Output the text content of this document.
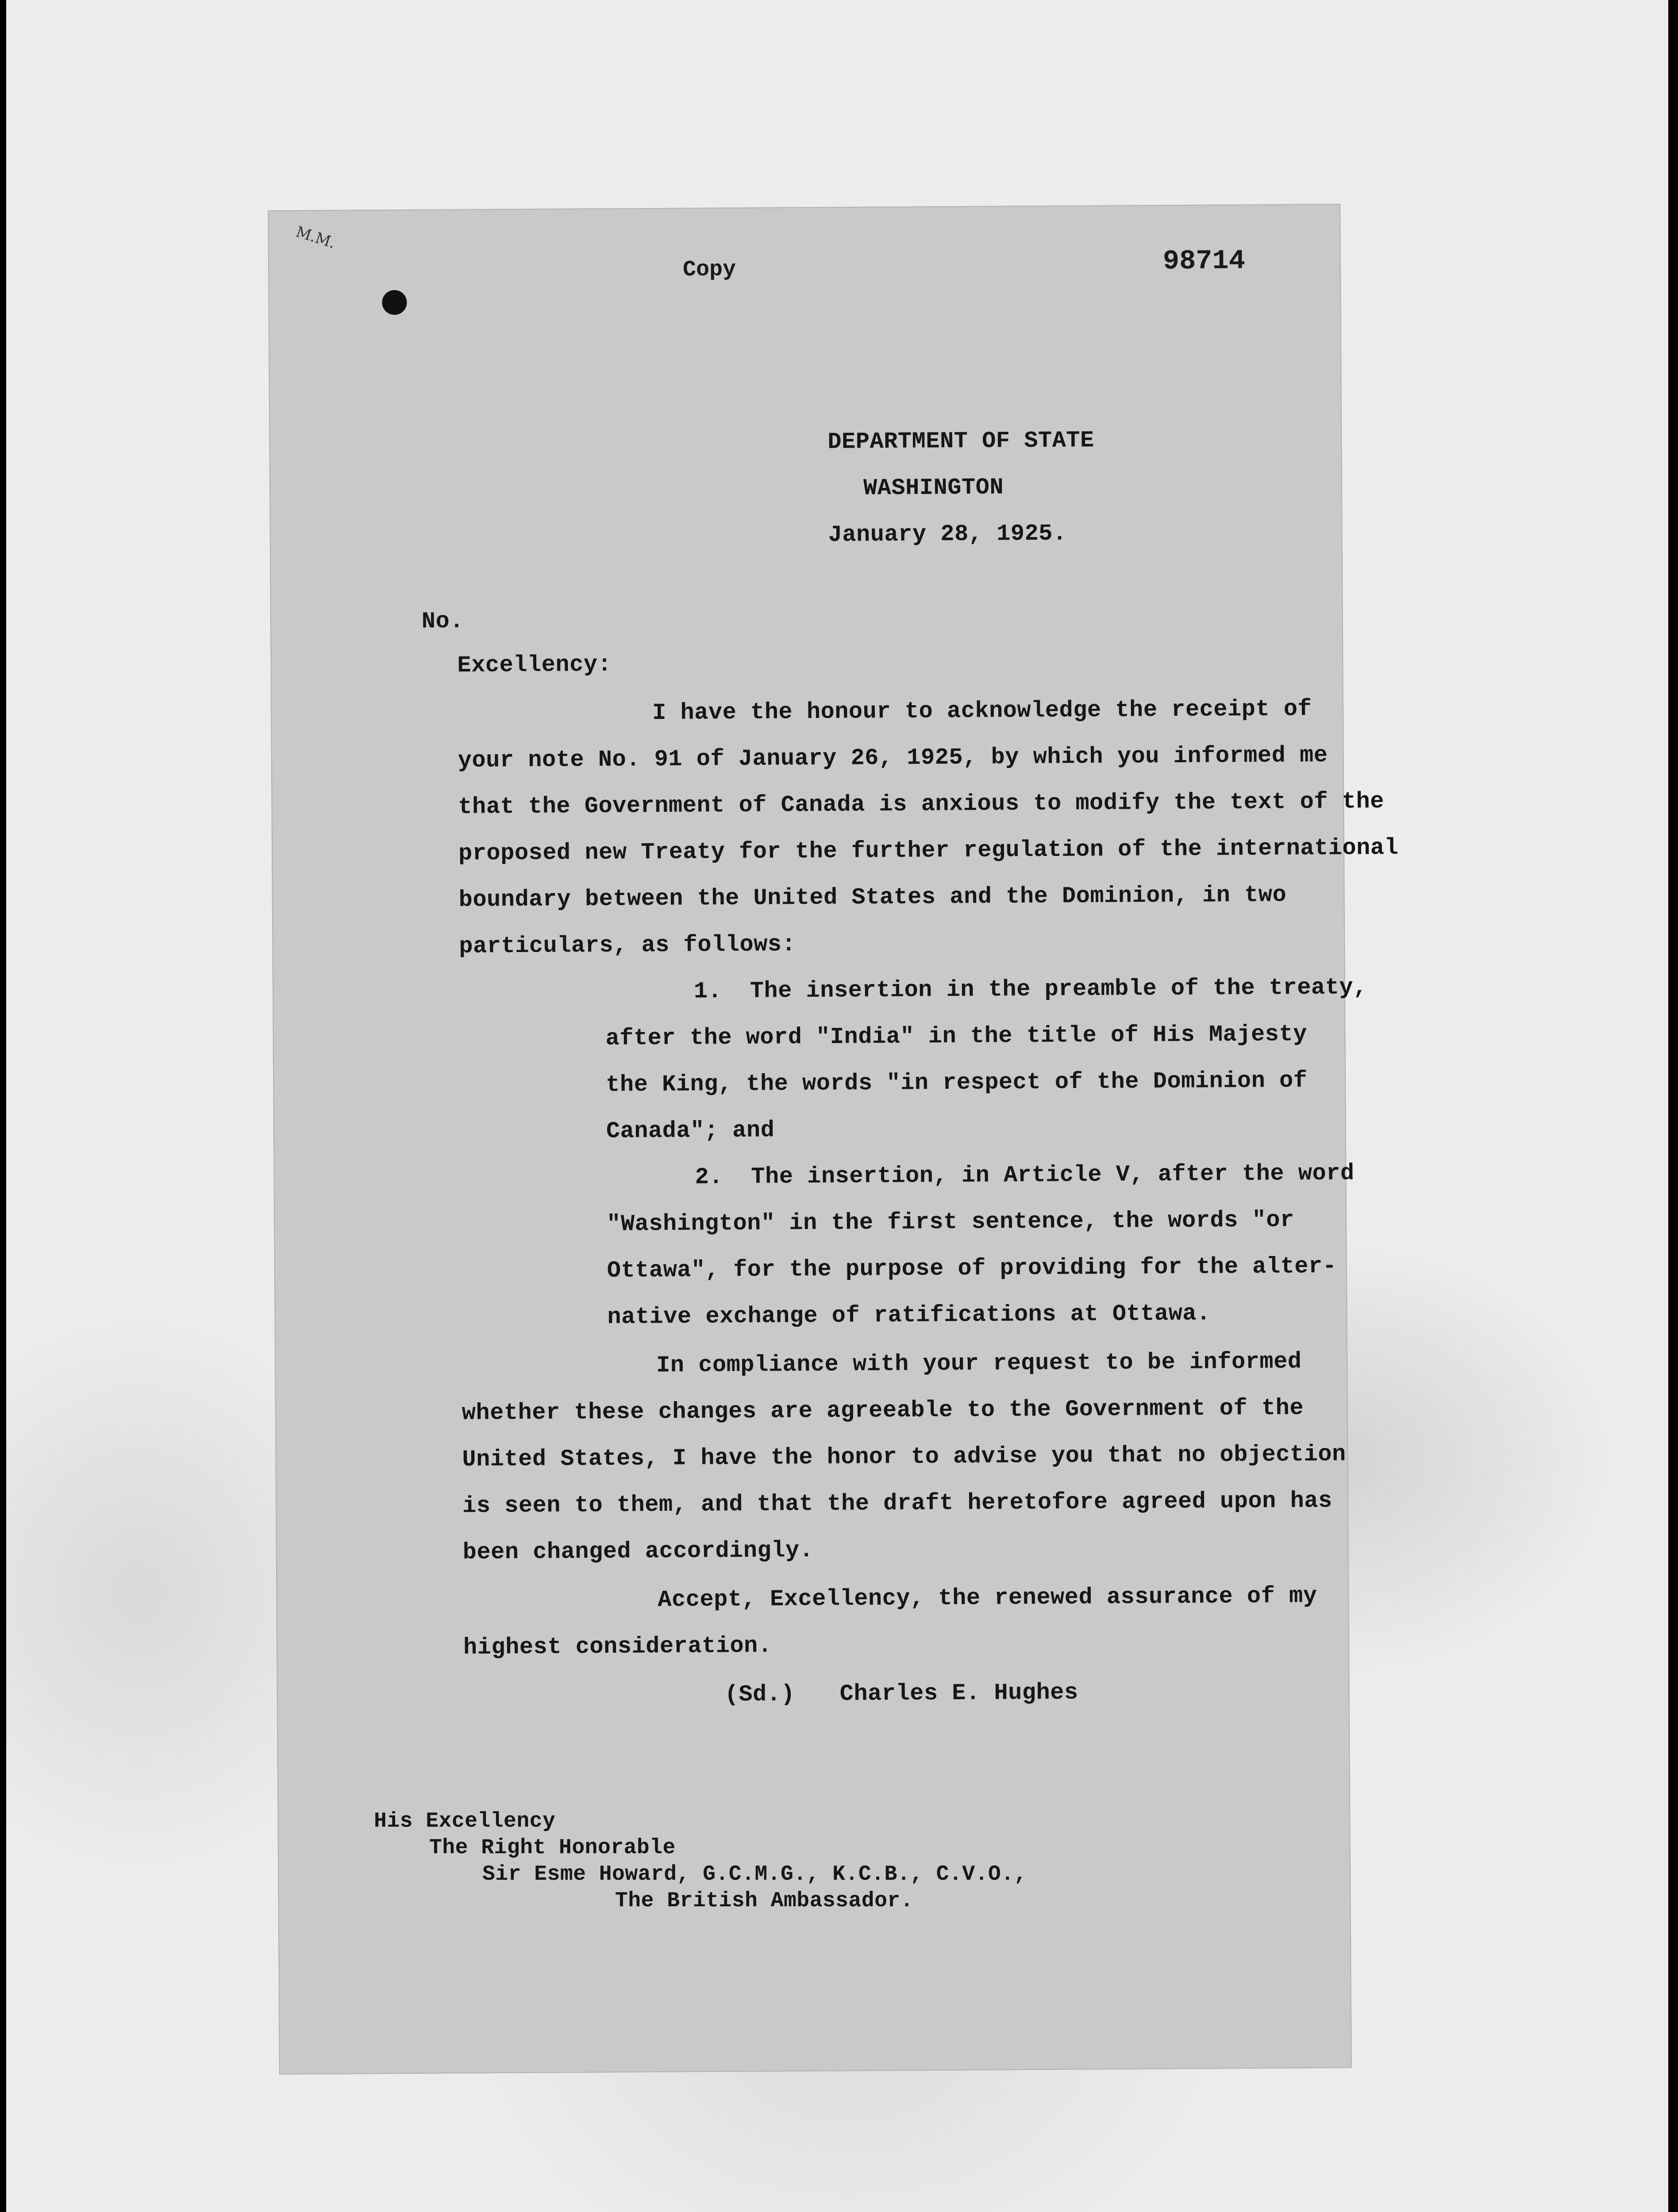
M.M.
Copy	98714
DEPARTMENT OF STATE
WASHINGTON
January 28, 1925.
No.
Excellency:
I have the honour to acknowledge the receipt of
your note No. 91 of January 26, 1925, by which you informed me
that the Government of Canada is anxious to modify the text of the
proposed new Treaty for the further regulation of the international
boundary between the United States and the Dominion, in two
particulars, as follows:
1.  The insertion in the preamble of the treaty,
after the word "India" in the title of His Majesty
the King, the words "in respect of the Dominion of
Canada"; and
2.  The insertion, in Article V, after the word
"Washington" in the first sentence, the words "or
Ottawa", for the purpose of providing for the alter-
native exchange of ratifications at Ottawa.
In compliance with your request to be informed
whether these changes are agreeable to the Government of the
United States, I have the honor to advise you that no objection
is seen to them, and that the draft heretofore agreed upon has
been changed accordingly.
Accept, Excellency, the renewed assurance of my
highest consideration.
(Sd.) Charles E. Hughes
His Excellency
The Right Honorable
Sir Esme Howard, G.C.M.G., K.C.B., C.V.O.,
The British Ambassador.
